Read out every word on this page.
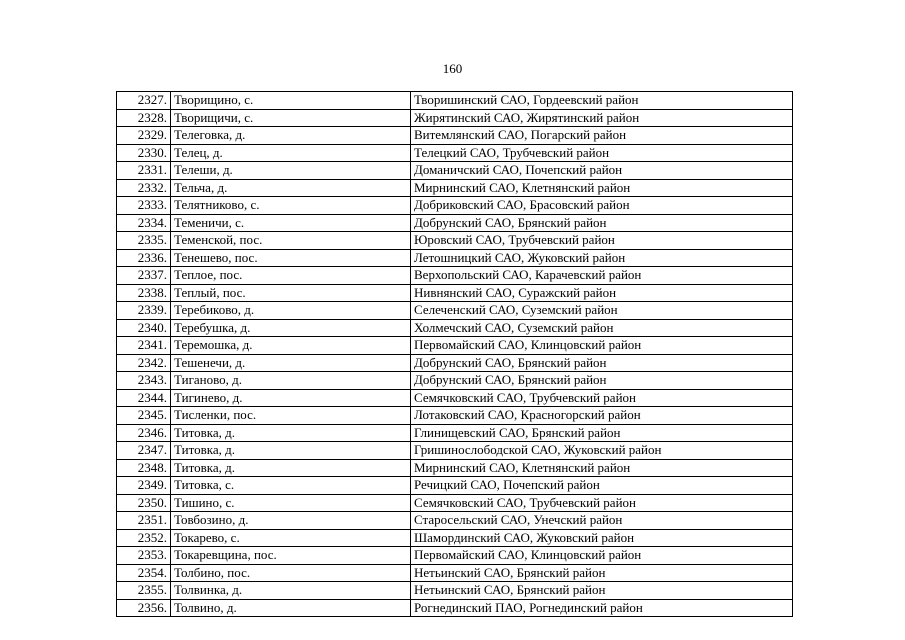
160
2327.	Творищино, с.	Творишинский САО, Гордеевский район
2328.	Творищичи, с.	Жирятинский САО, Жирятинский район
2329.	Телеговка, д.	Витемлянский САО, Погарский район
2330.	Телец, д.	Телецкий САО, Трубчевский район
2331.	Телеши, д.	Доманичский САО, Почепский район
2332.	Тельча, д.	Мирнинский САО, Клетнянский район
2333.	Телятниково, с.	Добриковский САО, Брасовский район
2334.	Теменичи, с.	Добрунский САО, Брянский район
2335.	Теменской, пос.	Юровский САО, Трубчевский район
2336.	Тенешево, пос.	Летошницкий САО, Жуковский район
2337.	Теплое, пос.	Верхопольский САО, Карачевский район
2338.	Теплый, пос.	Нивнянский САО, Суражский район
2339.	Теребиково, д.	Селеченский САО, Суземский район
2340.	Теребушка, д.	Холмечский САО, Суземский район
2341.	Теремошка, д.	Первомайский САО, Клинцовский район
2342.	Тешенечи, д.	Добрунский САО, Брянский район
2343.	Тиганово, д.	Добрунский САО, Брянский район
2344.	Тигинево, д.	Семячковский САО, Трубчевский район
2345.	Тисленки, пос.	Лотаковский САО, Красногорский район
2346.	Титовка, д.	Глинищевский САО, Брянский район
2347.	Титовка, д.	Гришинослободской САО, Жуковский район
2348.	Титовка, д.	Мирнинский САО, Клетнянский район
2349.	Титовка, с.	Речицкий САО, Почепский район
2350.	Тишино, с.	Семячковский САО, Трубчевский район
2351.	Товбозино, д.	Старосельский САО, Унечский район
2352.	Токарево, с.	Шамординский САО, Жуковский район
2353.	Токаревщина, пос.	Первомайский САО, Клинцовский район
2354.	Толбино, пос.	Нетьинский САО, Брянский район
2355.	Толвинка, д.	Нетьинский САО, Брянский район
2356.	Толвино, д.	Рогнединский ПАО, Рогнединский район
